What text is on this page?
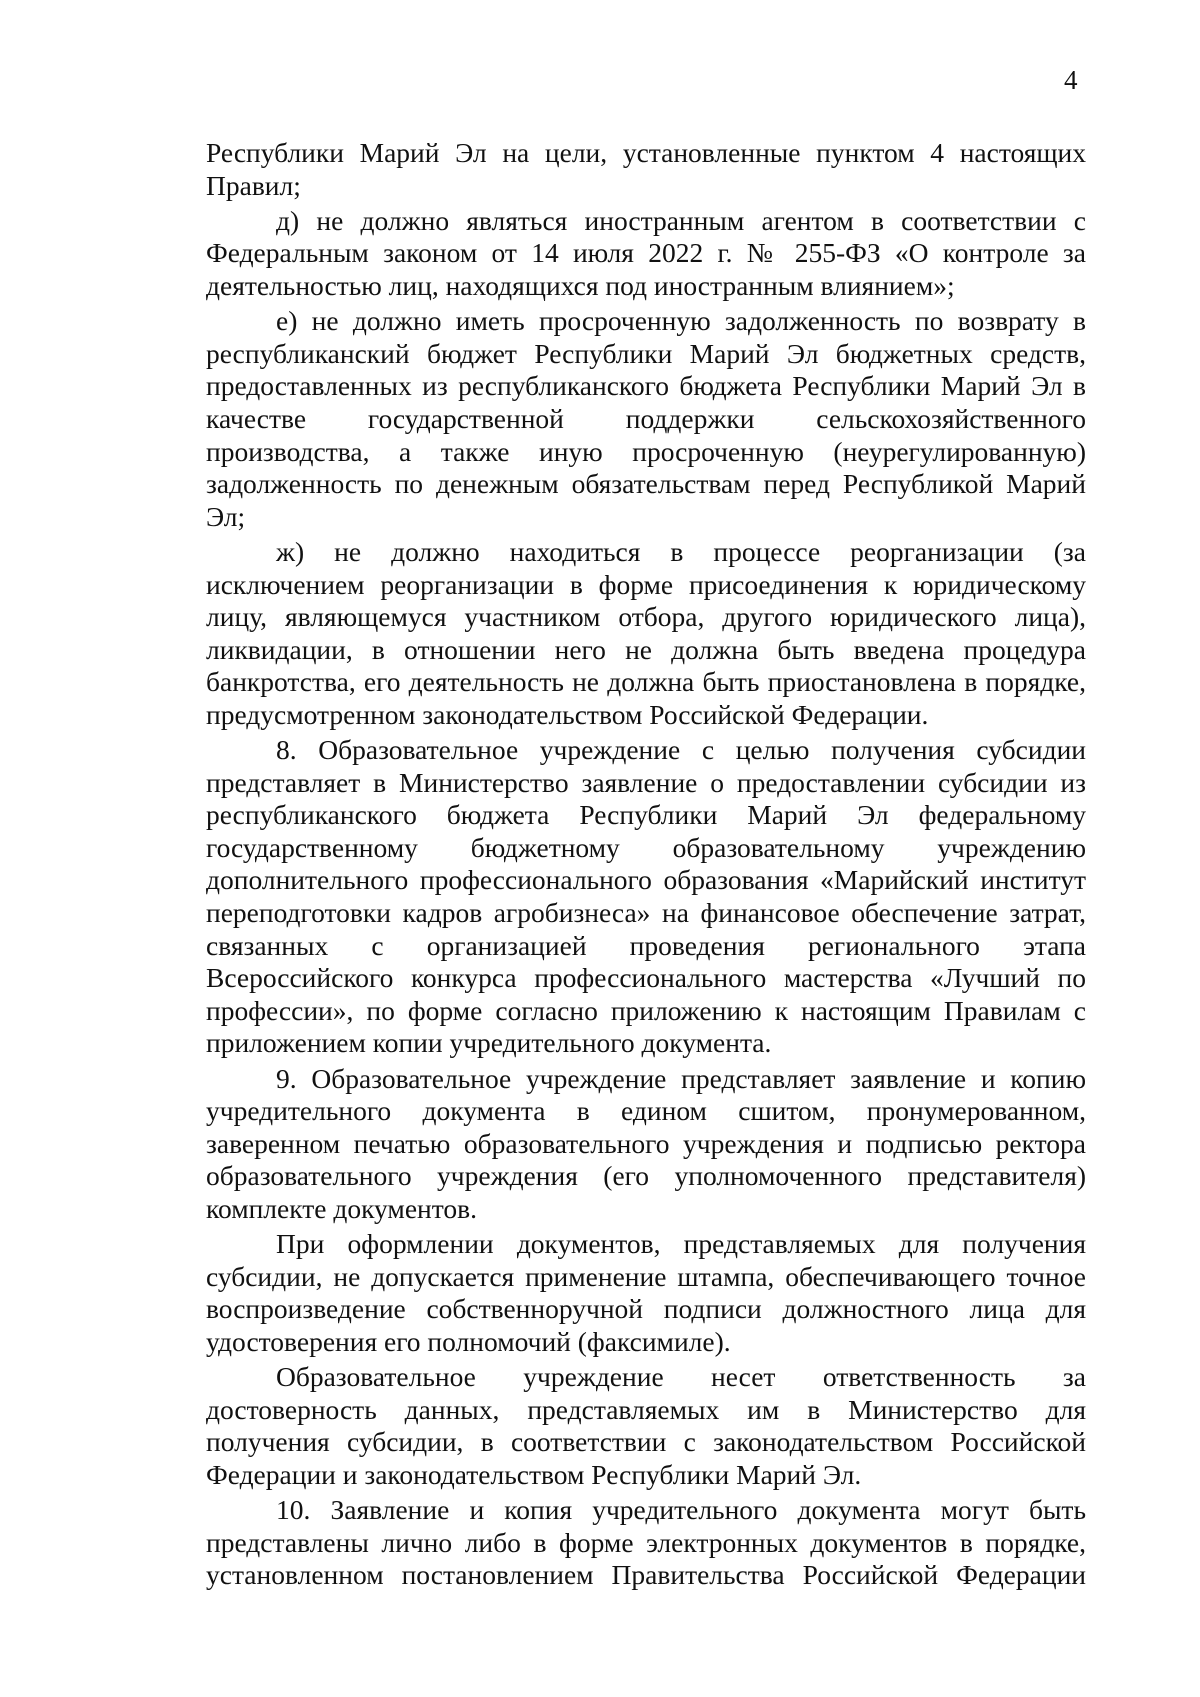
4

Республики Марий Эл на цели, установленные пунктом 4 настоящих Правил;

д) не должно являться иностранным агентом в соответствии с Федеральным законом от 14 июля 2022 г. № 255-ФЗ «О контроле за деятельностью лиц, находящихся под иностранным влиянием»;

е) не должно иметь просроченную задолженность по возврату в республиканский бюджет Республики Марий Эл бюджетных средств, предоставленных из республиканского бюджета Республики Марий Эл в качестве государственной поддержки сельскохозяйственного производства, а также иную просроченную (неурегулированную) задолженность по денежным обязательствам перед Республикой Марий Эл;

ж) не должно находиться в процессе реорганизации (за исключением реорганизации в форме присоединения к юридическому лицу, являющемуся участником отбора, другого юридического лица), ликвидации, в отношении него не должна быть введена процедура банкротства, его деятельность не должна быть приостановлена в порядке, предусмотренном законодательством Российской Федерации.

8. Образовательное учреждение с целью получения субсидии представляет в Министерство заявление о предоставлении субсидии из республиканского бюджета Республики Марий Эл федеральному государственному бюджетному образовательному учреждению дополнительного профессионального образования «Марийский институт переподготовки кадров агробизнеса» на финансовое обеспечение затрат, связанных с организацией проведения регионального этапа Всероссийского конкурса профессионального мастерства «Лучший по профессии», по форме согласно приложению к настоящим Правилам с приложением копии учредительного документа.

9. Образовательное учреждение представляет заявление и копию учредительного документа в едином сшитом, пронумерованном, заверенном печатью образовательного учреждения и подписью ректора образовательного учреждения (его уполномоченного представителя) комплекте документов.

При оформлении документов, представляемых для получения субсидии, не допускается применение штампа, обеспечивающего точное воспроизведение собственноручной подписи должностного лица для удостоверения его полномочий (факсимиле).

Образовательное учреждение несет ответственность за достоверность данных, представляемых им в Министерство для получения субсидии, в соответствии с законодательством Российской Федерации и законодательством Республики Марий Эл.

10. Заявление и копия учредительного документа могут быть представлены лично либо в форме электронных документов в порядке, установленном постановлением Правительства Российской Федерации
